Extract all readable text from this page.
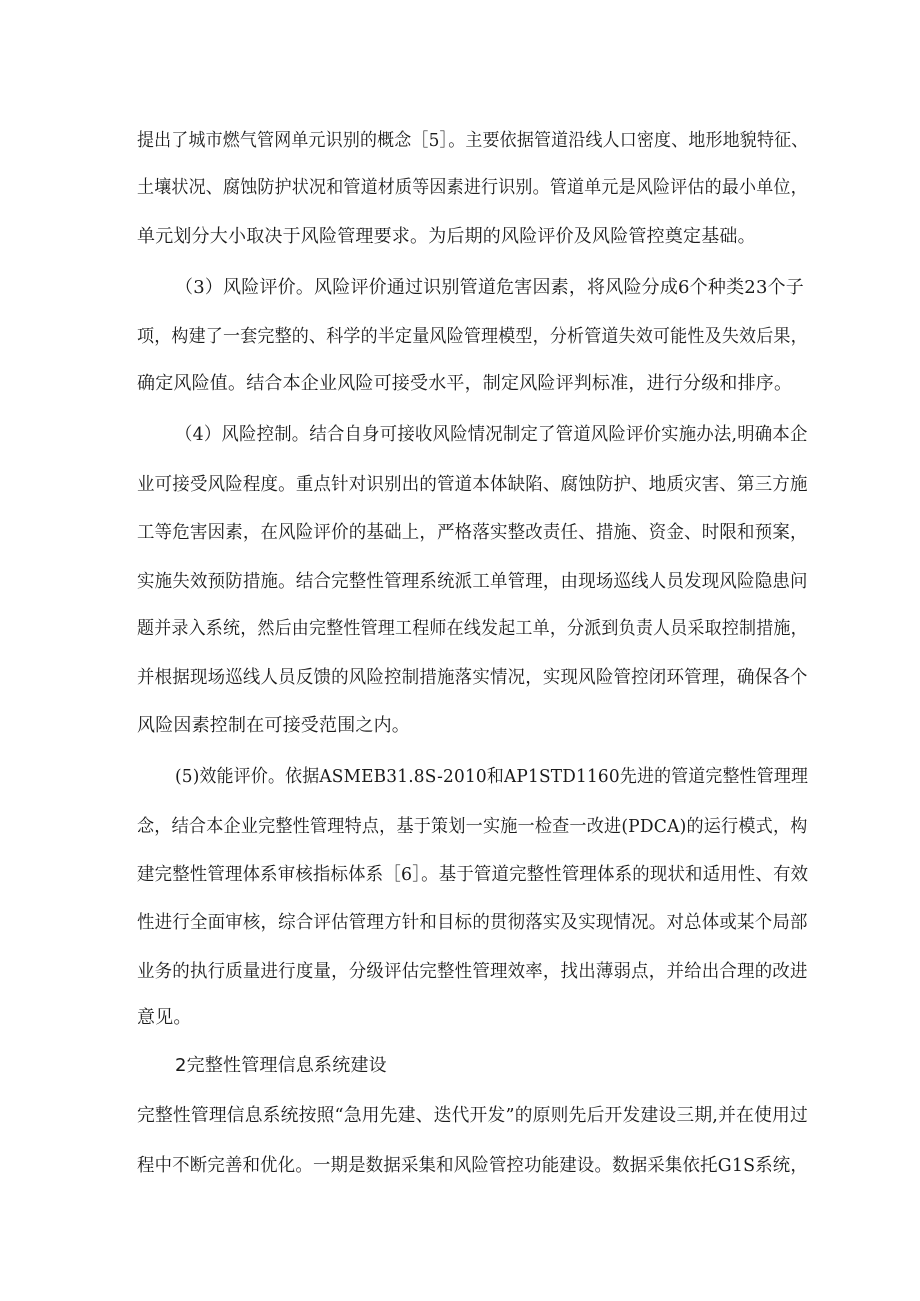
提出了城市燃气管网单元识别的概念［5］。主要依据管道沿线人口密度、地形地貌特征、
土壤状况、腐蚀防护状况和管道材质等因素进行识别。管道单元是风险评估的最小单位，
单元划分大小取决于风险管理要求。为后期的风险评价及风险管控奠定基础。
（3）风险评价。风险评价通过识别管道危害因素，将风险分成6个种类23个子
项，构建了一套完整的、科学的半定量风险管理模型，分析管道失效可能性及失效后果，
确定风险值。结合本企业风险可接受水平，制定风险评判标准，进行分级和排序。
（4）风险控制。结合自身可接收风险情况制定了管道风险评价实施办法,明确本企
业可接受风险程度。重点针对识别出的管道本体缺陷、腐蚀防护、地质灾害、第三方施
工等危害因素，在风险评价的基础上，严格落实整改责任、措施、资金、时限和预案，
实施失效预防措施。结合完整性管理系统派工单管理，由现场巡线人员发现风险隐患问
题并录入系统，然后由完整性管理工程师在线发起工单，分派到负责人员采取控制措施，
并根据现场巡线人员反馈的风险控制措施落实情况，实现风险管控闭环管理，确保各个
风险因素控制在可接受范围之内。
(5)效能评价。依据ASMEB31.8S-2010和AP1STD1160先进的管道完整性管理理
念，结合本企业完整性管理特点，基于策划一实施一检查一改进(PDCA)的运行模式，构
建完整性管理体系审核指标体系［6］。基于管道完整性管理体系的现状和适用性、有效
性进行全面审核，综合评估管理方针和目标的贯彻落实及实现情况。对总体或某个局部
业务的执行质量进行度量，分级评估完整性管理效率，找出薄弱点，并给出合理的改进
意见。
2完整性管理信息系统建设
完整性管理信息系统按照“急用先建、迭代开发”的原则先后开发建设三期,并在使用过
程中不断完善和优化。一期是数据采集和风险管控功能建设。数据采集依托G1S系统，
